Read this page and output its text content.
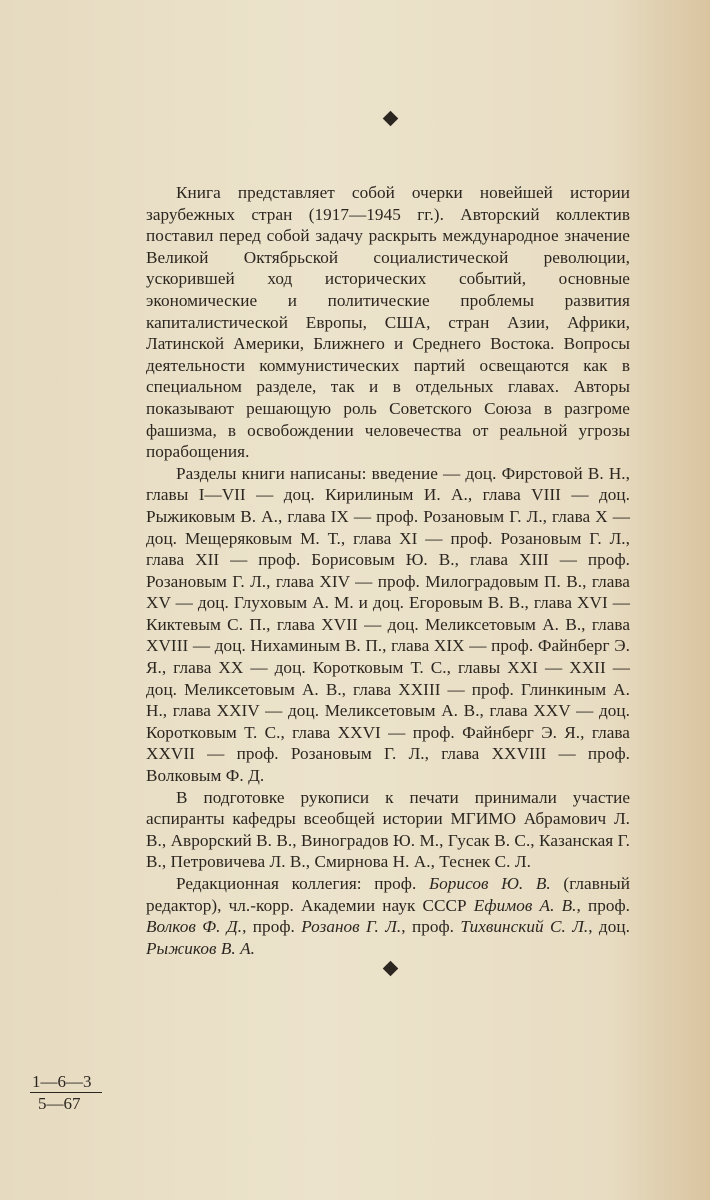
Книга представляет собой очерки новейшей истории зарубежных стран (1917—1945 гг.). Авторский коллектив поставил перед собой задачу раскрыть международное значение Великой Октябрьской социалистической революции, ускорившей ход исторических событий, основные экономические и политические проблемы развития капиталистической Европы, США, стран Азии, Африки, Латинской Америки, Ближнего и Среднего Востока. Вопросы деятельности коммунистических партий освещаются как в специальном разделе, так и в отдельных главах. Авторы показывают решающую роль Советского Союза в разгроме фашизма, в освобождении человечества от реальной угрозы порабощения.

Разделы книги написаны: введение — доц. Фирстовой В. Н., главы I—VII — доц. Кирилиным И. А., глава VIII — доц. Рыжиковым В. А., глава IX — проф. Розановым Г. Л., глава X — доц. Мещеряковым М. Т., глава XI — проф. Розановым Г. Л., глава XII — проф. Борисовым Ю. В., глава XIII — проф. Розановым Г. Л., глава XIV — проф. Милоградовым П. В., глава XV — доц. Глуховым А. М. и доц. Егоровым В. В., глава XVI — Киктевым С. П., глава XVII — доц. Меликсетовым А. В., глава XVIII — доц. Нихаминым В. П., глава XIX — проф. Файнберг Э. Я., глава XX — доц. Коротковым Т. С., главы XXI — XXII — доц. Меликсетовым А. В., глава XXIII — проф. Глинкиным А. Н., глава XXIV — доц. Меликсетовым А. В., глава XXV — доц. Коротковым Т. С., глава XXVI — проф. Файнберг Э. Я., глава XXVII — проф. Розановым Г. Л., глава XXVIII — проф. Волковым Ф. Д.

В подготовке рукописи к печати принимали участие аспиранты кафедры всеобщей истории МГИМО Абрамович Л. В., Аврорский В. В., Виноградов Ю. М., Гусак В. С., Казанская Г. В., Петровичева Л. В., Смирнова Н. А., Теснек С. Л.

Редакционная коллегия: проф. Борисов Ю. В. (главный редактор), чл.-корр. Академии наук СССР Ефимов А. В., проф. Волков Ф. Д., проф. Розанов Г. Л., проф. Тихвинский С. Л., доц. Рыжиков В. А.

$\frac{1—6—3}{5—67}$
